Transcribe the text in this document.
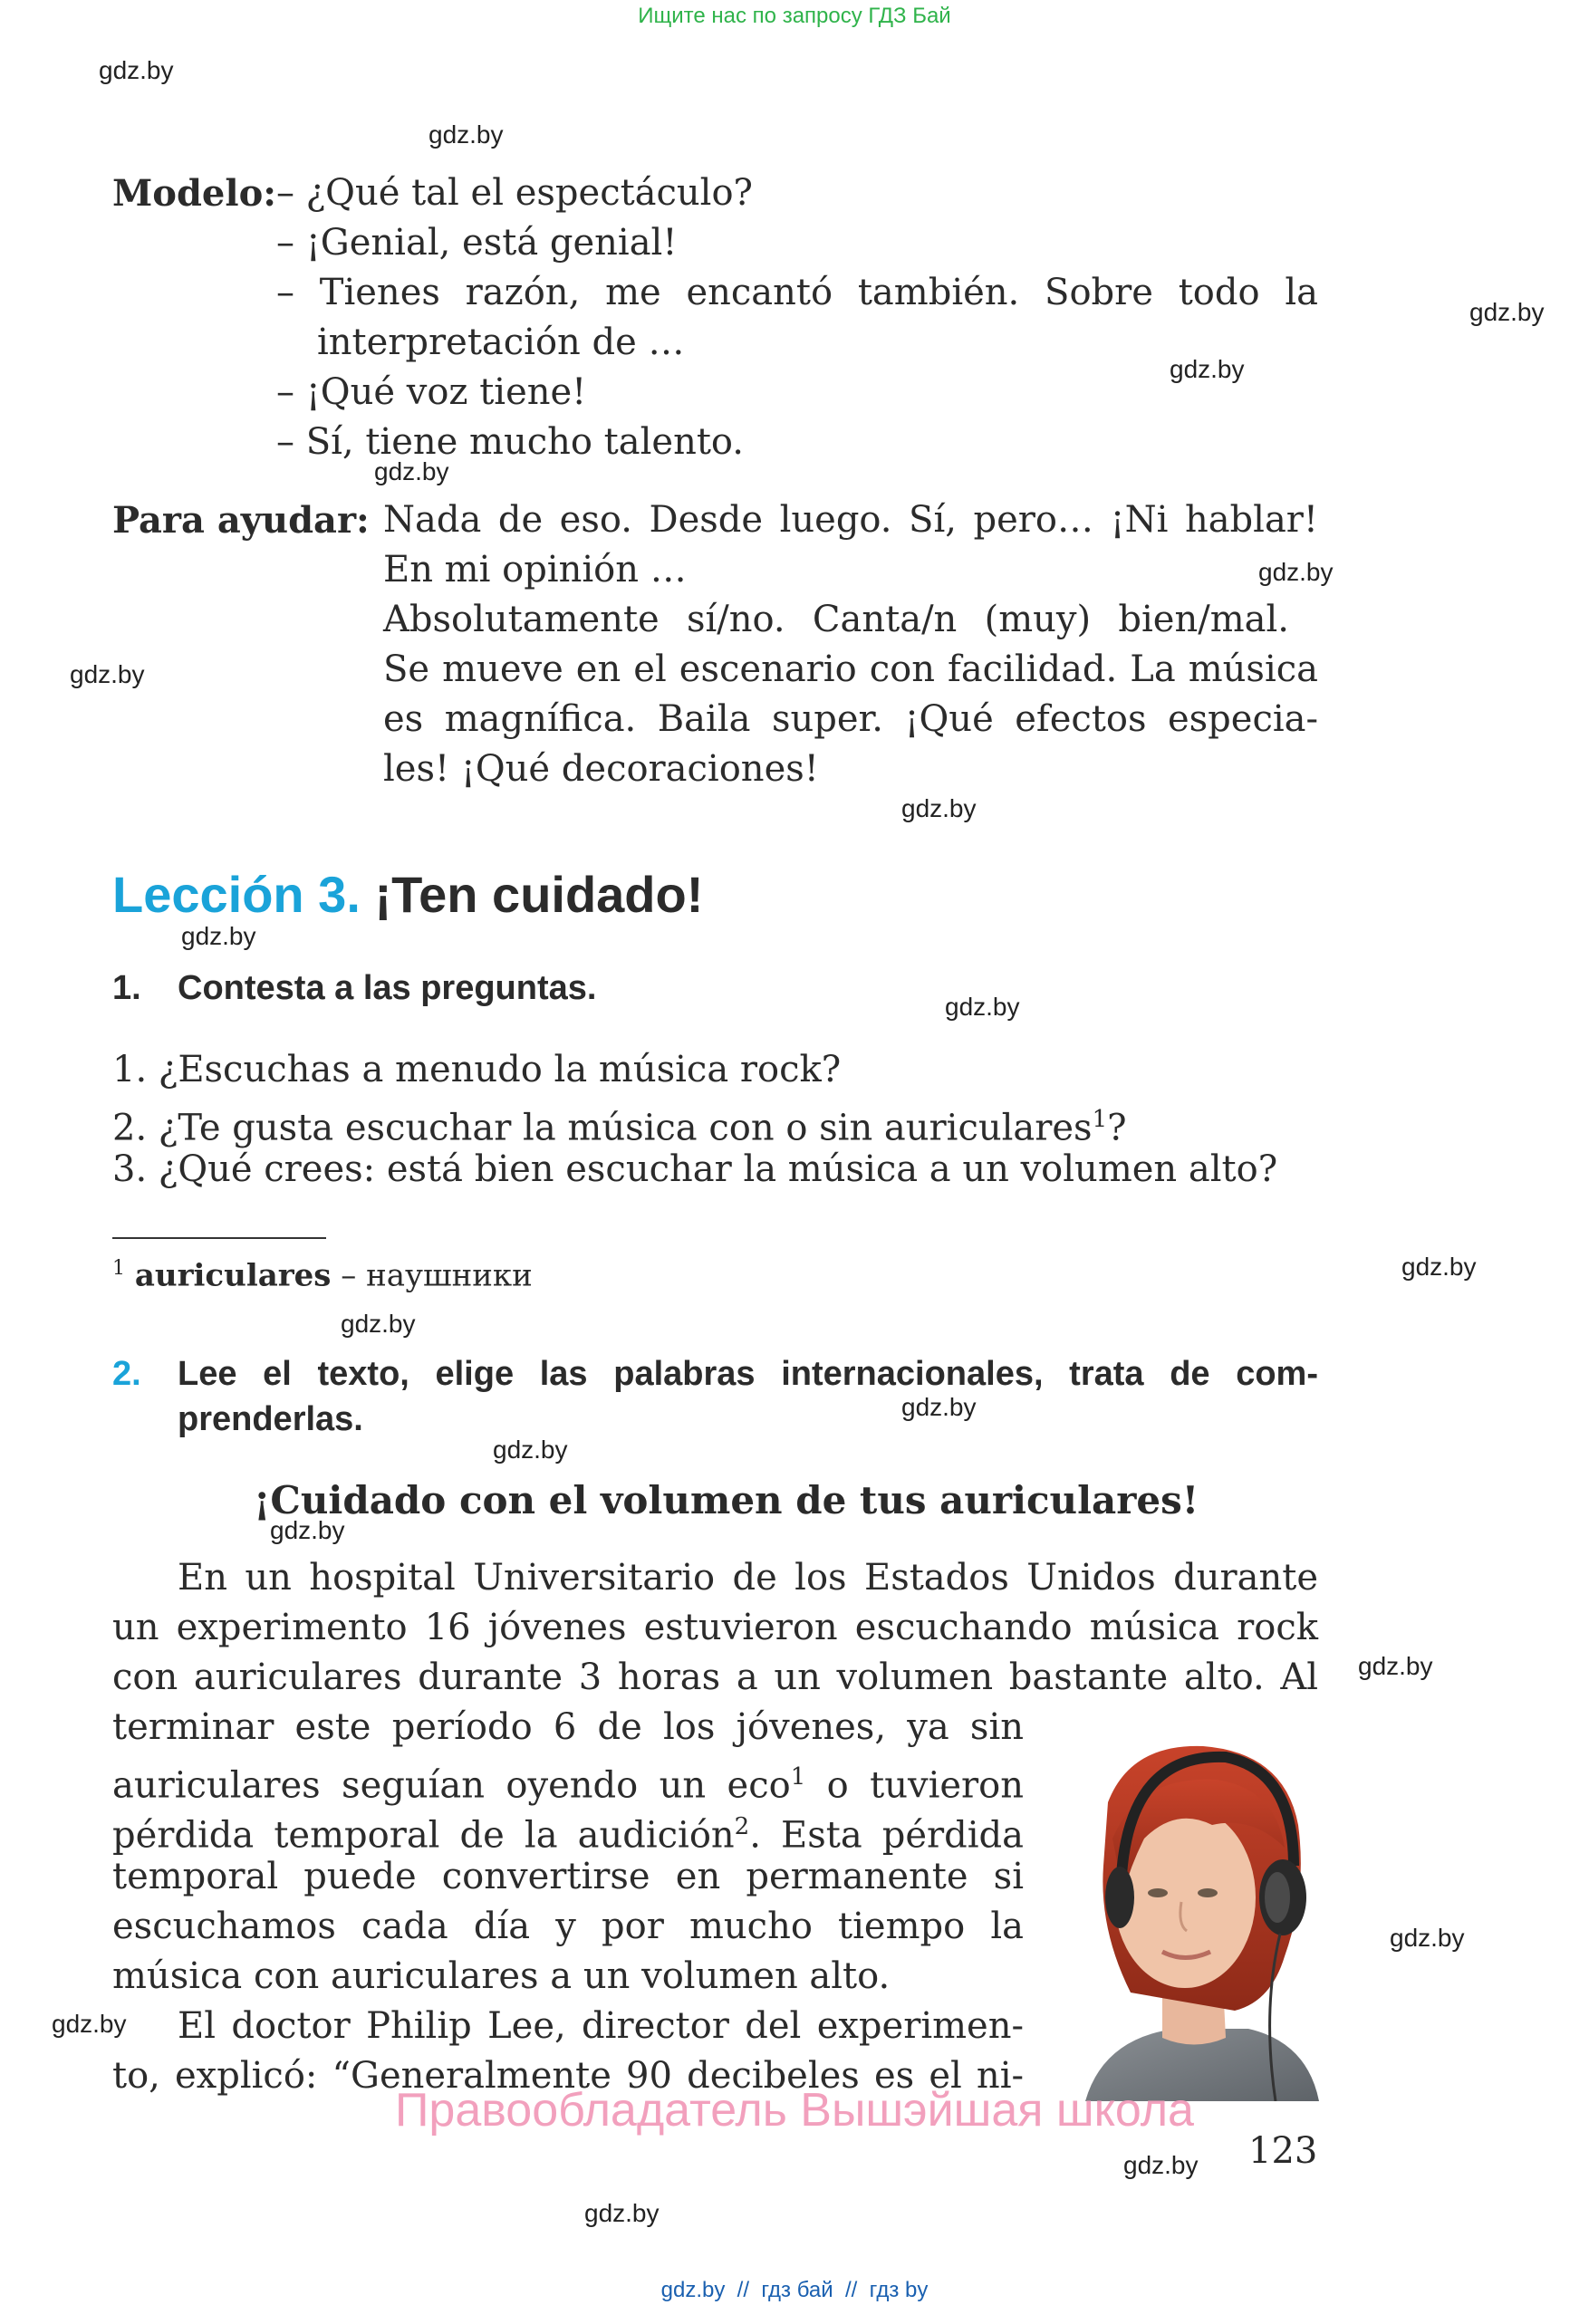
Ищите нас по запросу ГДЗ Бай
gdz.by
gdz.by
gdz.by
gdz.by
gdz.by
gdz.by
gdz.by
gdz.by
gdz.by
gdz.by
gdz.by
gdz.by
gdz.by
gdz.by
gdz.by
gdz.by
gdz.by
gdz.by
Modelo: – ¿Qué tal el espectáculo?
– ¡Genial, está genial!
– Tienes razón, me encantó también. Sobre todo la
interpretación de …
– ¡Qué voz tiene!
– Sí, tiene mucho talento.
Para ayudar: Nada de eso. Desde luego. Sí, pero… ¡Ni hablar!
En mi opinión …
Absolutamente sí/no. Canta/n (muy) bien/mal.
Se mueve en el escenario con facilidad. La música
es magnífica. Baila super. ¡Qué efectos especia-
les! ¡Qué decoraciones!
Lección 3. ¡Ten cuidado!
1. Contesta a las preguntas.
1. ¿Escuchas a menudo la música rock?
2. ¿Te gusta escuchar la música con o sin auriculares$^1$?
3. ¿Qué crees: está bien escuchar la música a un volumen alto?
$^1$ auriculares – наушники
2. Lee el texto, elige las palabras internacionales, trata de com-
prenderlas.
¡Cuidado con el volumen de tus auriculares!
En un hospital Universitario de los Estados Unidos durante
un experimento 16 jóvenes estuvieron escuchando música rock
con auriculares durante 3 horas a un volumen bastante alto. Al
terminar este período 6 de los jóvenes, ya sin
auriculares seguían oyendo un eco$^1$ o tuvieron
pérdida temporal de la audición$^2$. Esta pérdida
temporal puede convertirse en permanente si
escuchamos cada día y por mucho tiempo la
música con auriculares a un volumen alto.
El doctor Philip Lee, director del experimen-
to, explicó: “Generalmente 90 decibeles es el ni-
Правообладатель Вышэйшая школа
123
gdz.by
gdz.by
gdz.by  //  гдз бай  //  гдз by
